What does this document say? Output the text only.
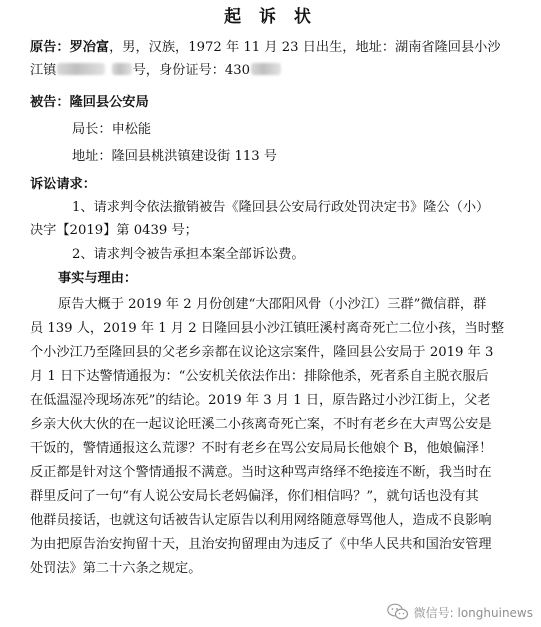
起 诉 状
原告：罗冶富，男，汉族，1972 年 11 月 23 日出生，地址：湖南省隆回县小沙
江镇	号，身份证号：430
被告：隆回县公安局
局长：申松能
地址：隆回县桃洪镇建设街 113 号
诉讼请求：
1、请求判令依法撤销被告《隆回县公安局行政处罚决定书》隆公（小）
决字【2019】第 0439 号；
2、请求判令被告承担本案全部诉讼费。
事实与理由：
原告大概于 2019 年 2 月份创建“大邵阳风骨（小沙江）三群”微信群，群
员 139 人，2019 年 1 月 2 日隆回县小沙江镇旺溪村离奇死亡二位小孩，当时整
个小沙江乃至隆回县的父老乡亲都在议论这宗案件，隆回县公安局于 2019 年 3
月 1 日下达警情通报为：“公安机关依法作出：排除他杀，死者系自主脱衣服后
在低温湿冷现场冻死”的结论。2019 年 3 月 1 日，原告路过小沙江街上，父老
乡亲大伙大伙的在一起议论旺溪二小孩离奇死亡案，不时有老乡在大声骂公安是
干饭的，警情通报这么荒谬？不时有老乡在骂公安局局长他娘个 B，他娘偏泽！
反正都是针对这个警情通报不满意。当时这种骂声络绎不绝接连不断，我当时在
群里反问了一句“有人说公安局长老妈偏泽，你们相信吗？”，就句话也没有其
他群员接话，也就这句话被告认定原告以利用网络随意辱骂他人，造成不良影响
为由把原告治安拘留十天，且治安拘留理由为违反了《中华人民共和国治安管理
处罚法》第二十六条之规定。
微信号: longhuinews
